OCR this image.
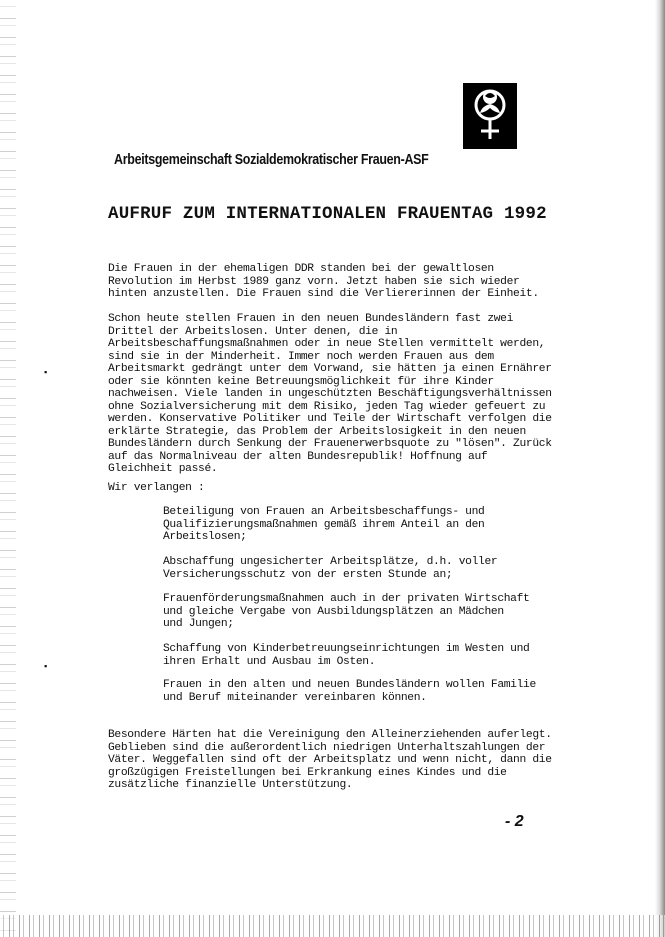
Arbeitsgemeinschaft Sozialdemokratischer Frauen-ASF
AUFRUF ZUM INTERNATIONALEN FRAUENTAG 1992
Die Frauen in der ehemaligen DDR standen bei der gewaltlosen
Revolution im Herbst 1989 ganz vorn. Jetzt haben sie sich wieder
hinten anzustellen. Die Frauen sind die Verliererinnen der Einheit.
Schon heute stellen Frauen in den neuen Bundesländern fast zwei
Drittel der Arbeitslosen. Unter denen, die in
Arbeitsbeschaffungsmaßnahmen oder in neue Stellen vermittelt werden,
sind sie in der Minderheit. Immer noch werden Frauen aus dem
Arbeitsmarkt gedrängt unter dem Vorwand, sie hätten ja einen Ernährer
oder sie könnten keine Betreuungsmöglichkeit für ihre Kinder
nachweisen. Viele landen in ungeschützten Beschäftigungsverhältnissen
ohne Sozialversicherung mit dem Risiko, jeden Tag wieder gefeuert zu
werden. Konservative Politiker und Teile der Wirtschaft verfolgen die
erklärte Strategie, das Problem der Arbeitslosigkeit in den neuen
Bundesländern durch Senkung der Frauenerwerbsquote zu "lösen". Zurück
auf das Normalniveau der alten Bundesrepublik! Hoffnung auf
Gleichheit passé.
Wir verlangen :
Beteiligung von Frauen an Arbeitsbeschaffungs- und
Qualifizierungsmaßnahmen gemäß ihrem Anteil an den
Arbeitslosen;
Abschaffung ungesicherter Arbeitsplätze, d.h. voller
Versicherungsschutz von der ersten Stunde an;
Frauenförderungsmaßnahmen auch in der privaten Wirtschaft
und gleiche Vergabe von Ausbildungsplätzen an Mädchen
und Jungen;
Schaffung von Kinderbetreuungseinrichtungen im Westen und
ihren Erhalt und Ausbau im Osten.
Frauen in den alten und neuen Bundesländern wollen Familie
und Beruf miteinander vereinbaren können.
Besondere Härten hat die Vereinigung den Alleinerziehenden auferlegt.
Geblieben sind die außerordentlich niedrigen Unterhaltszahlungen der
Väter. Weggefallen sind oft der Arbeitsplatz und wenn nicht, dann die
großzügigen Freistellungen bei Erkrankung eines Kindes und die
zusätzliche finanzielle Unterstützung.
- 2
▪
▪
